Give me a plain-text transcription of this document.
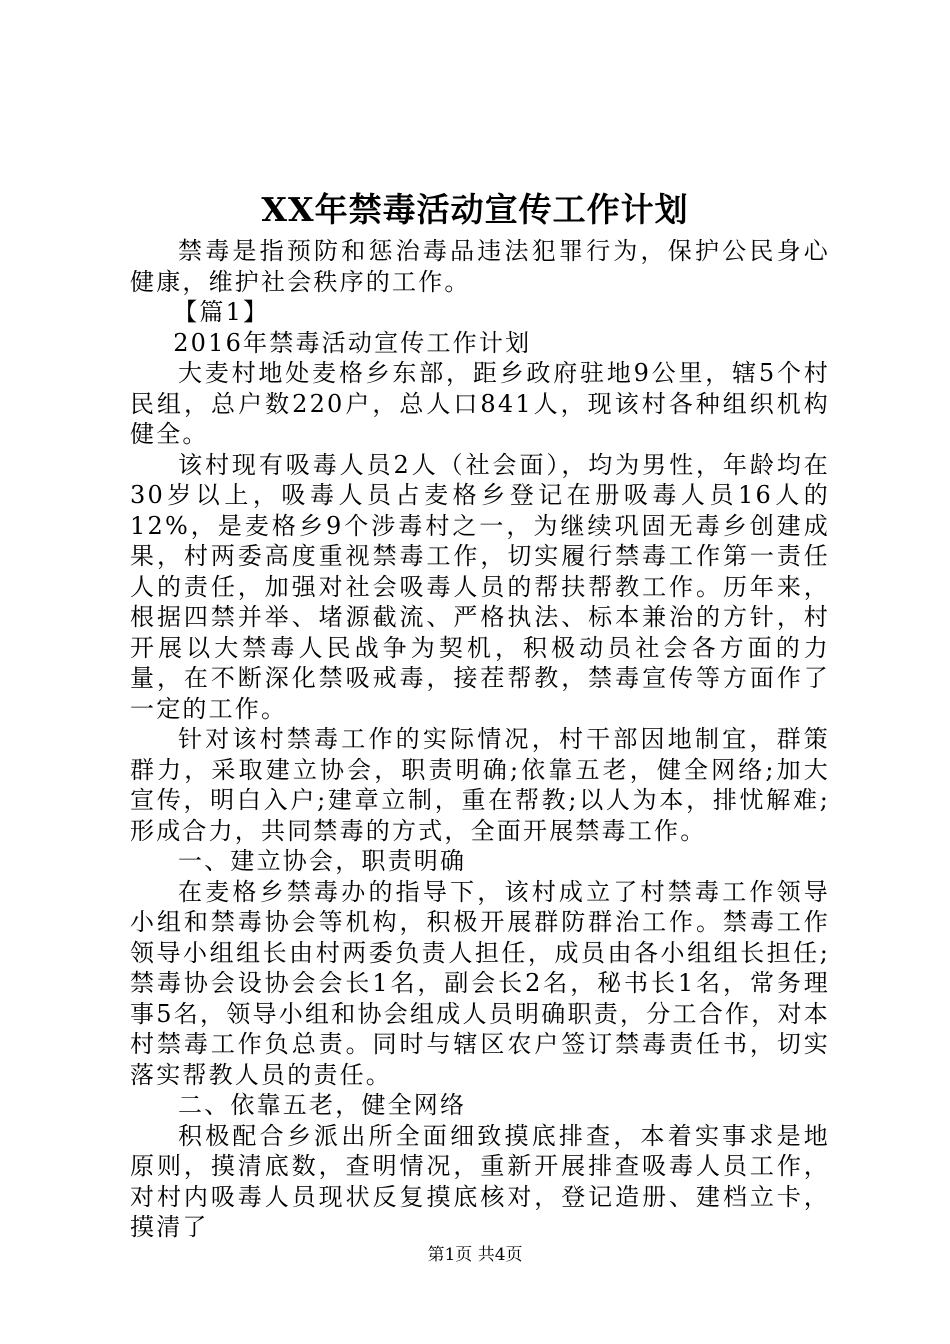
XX年禁毒活动宣传工作计划

禁毒是指预防和惩治毒品违法犯罪行为，保护公民身心健康，维护社会秩序的工作。

【篇1】

2016年禁毒活动宣传工作计划

大麦村地处麦格乡东部，距乡政府驻地9公里，辖5个村民组，总户数220户，总人口841人，现该村各种组织机构健全。

该村现有吸毒人员2人（社会面），均为男性，年龄均在30岁以上，吸毒人员占麦格乡登记在册吸毒人员16人的12%，是麦格乡9个涉毒村之一，为继续巩固无毒乡创建成果，村两委高度重视禁毒工作，切实履行禁毒工作第一责任人的责任，加强对社会吸毒人员的帮扶帮教工作。历年来，根据四禁并举、堵源截流、严格执法、标本兼治的方针，村开展以大禁毒人民战争为契机，积极动员社会各方面的力量，在不断深化禁吸戒毒，接茬帮教，禁毒宣传等方面作了一定的工作。

针对该村禁毒工作的实际情况，村干部因地制宜，群策群力，采取建立协会，职责明确;依靠五老，健全网络;加大宣传，明白入户;建章立制，重在帮教;以人为本，排忧解难;形成合力，共同禁毒的方式，全面开展禁毒工作。

一、建立协会，职责明确

在麦格乡禁毒办的指导下，该村成立了村禁毒工作领导小组和禁毒协会等机构，积极开展群防群治工作。禁毒工作领导小组组长由村两委负责人担任，成员由各小组组长担任;禁毒协会设协会会长1名，副会长2名，秘书长1名，常务理事5名，领导小组和协会组成人员明确职责，分工合作，对本村禁毒工作负总责。同时与辖区农户签订禁毒责任书，切实落实帮教人员的责任。

二、依靠五老，健全网络

积极配合乡派出所全面细致摸底排查，本着实事求是地原则，摸清底数，查明情况，重新开展排查吸毒人员工作，对村内吸毒人员现状反复摸底核对，登记造册、建档立卡，摸清了

第1页 共4页
